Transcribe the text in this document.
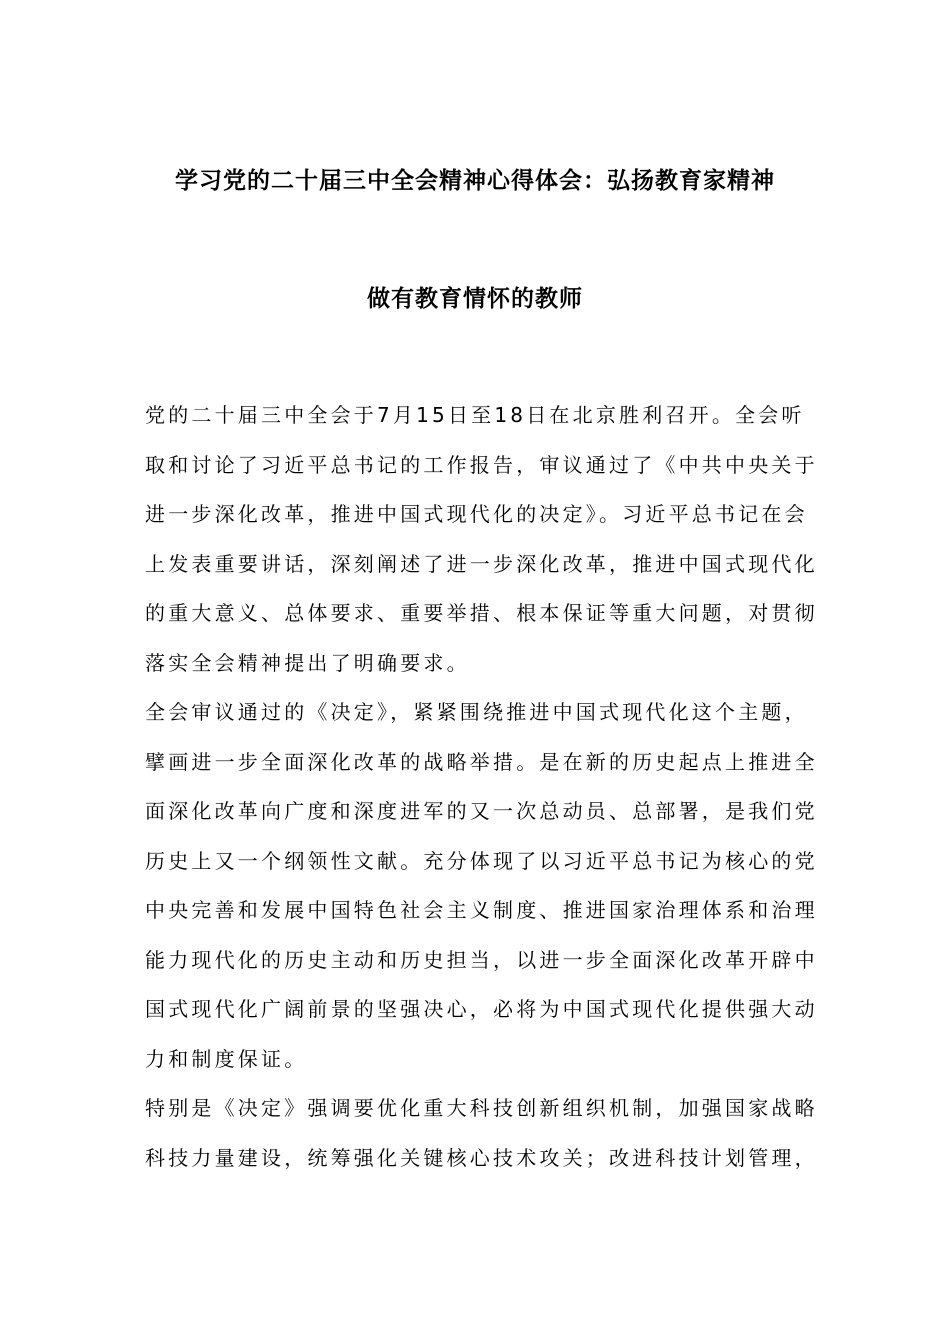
学习党的二十届三中全会精神心得体会：弘扬教育家精神
做有教育情怀的教师
党的二十届三中全会于7月15日至18日在北京胜利召开。全会听
取和讨论了习近平总书记的工作报告，审议通过了《中共中央关于
进一步深化改革，推进中国式现代化的决定》。习近平总书记在会
上发表重要讲话，深刻阐述了进一步深化改革，推进中国式现代化
的重大意义、总体要求、重要举措、根本保证等重大问题，对贯彻
落实全会精神提出了明确要求。
全会审议通过的《决定》，紧紧围绕推进中国式现代化这个主题，
擘画进一步全面深化改革的战略举措。是在新的历史起点上推进全
面深化改革向广度和深度进军的又一次总动员、总部署，是我们党
历史上又一个纲领性文献。充分体现了以习近平总书记为核心的党
中央完善和发展中国特色社会主义制度、推进国家治理体系和治理
能力现代化的历史主动和历史担当，以进一步全面深化改革开辟中
国式现代化广阔前景的坚强决心，必将为中国式现代化提供强大动
力和制度保证。
特别是《决定》强调要优化重大科技创新组织机制，加强国家战略
科技力量建设，统筹强化关键核心技术攻关；改进科技计划管理，
